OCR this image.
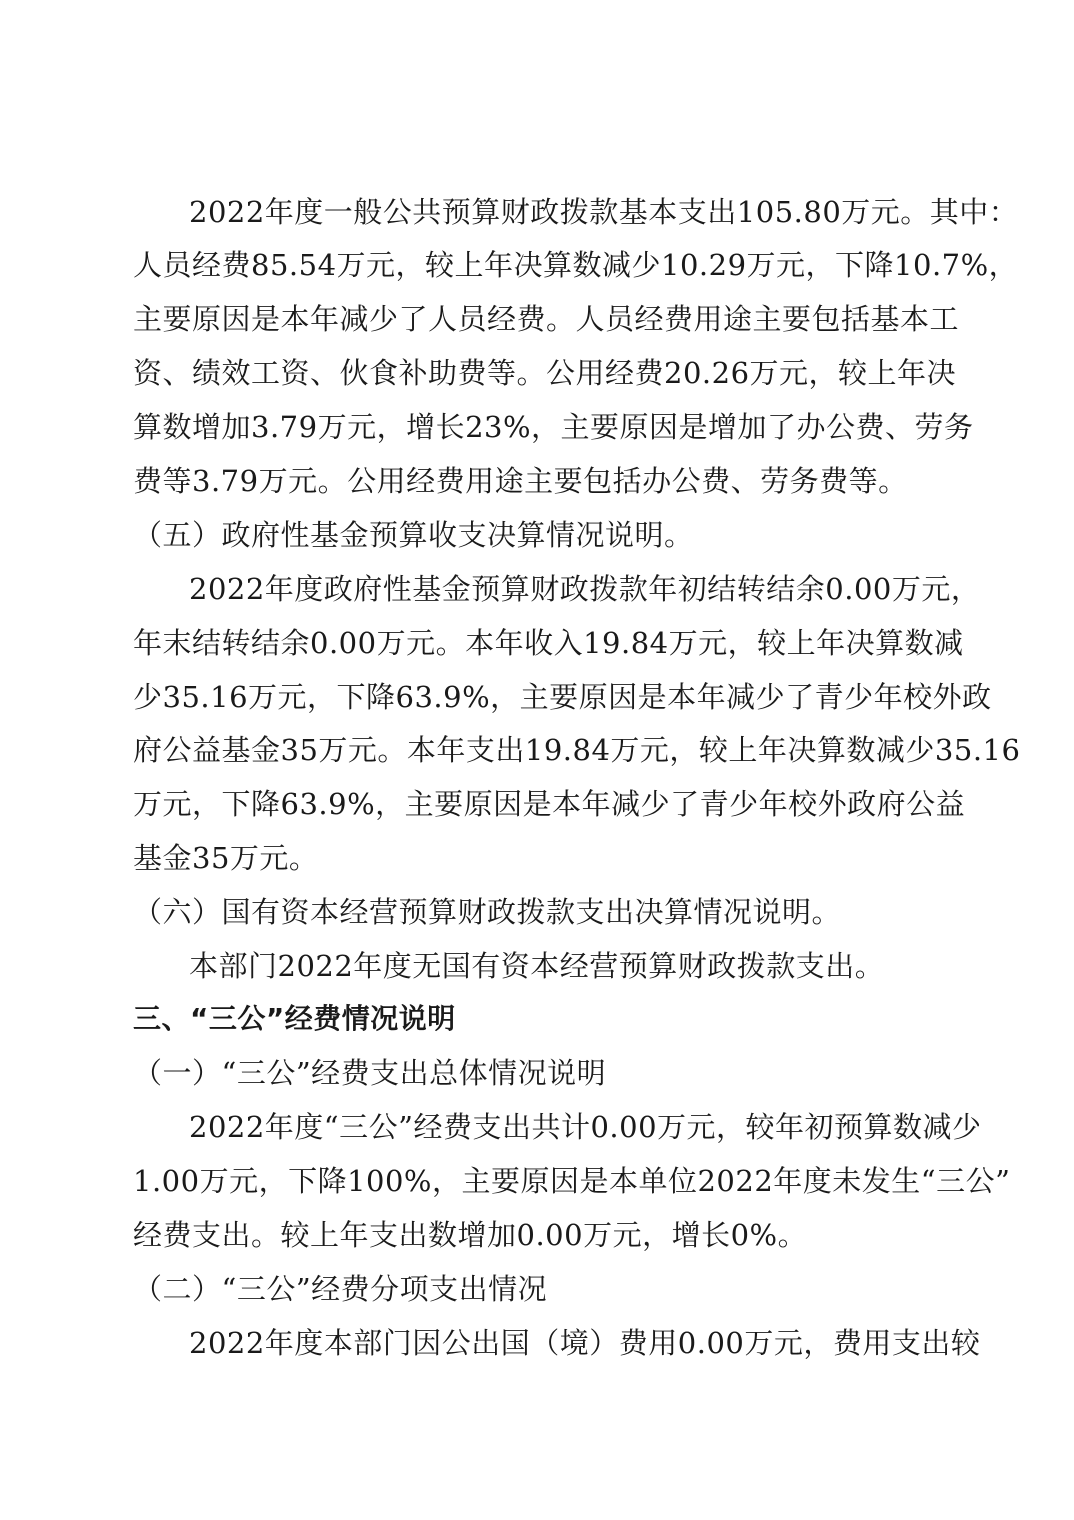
2022年度一般公共预算财政拨款基本支出105.80万元。其中：
人员经费85.54万元，较上年决算数减少10.29万元，下降10.7%，
主要原因是本年减少了人员经费。人员经费用途主要包括基本工
资、绩效工资、伙食补助费等。公用经费20.26万元，较上年决
算数增加3.79万元，增长23%，主要原因是增加了办公费、劳务
费等3.79万元。公用经费用途主要包括办公费、劳务费等。
（五）政府性基金预算收支决算情况说明。
2022年度政府性基金预算财政拨款年初结转结余0.00万元，
年末结转结余0.00万元。本年收入19.84万元，较上年决算数减
少35.16万元，下降63.9%，主要原因是本年减少了青少年校外政
府公益基金35万元。本年支出19.84万元，较上年决算数减少35.16
万元，下降63.9%，主要原因是本年减少了青少年校外政府公益
基金35万元。
（六）国有资本经营预算财政拨款支出决算情况说明。
本部门2022年度无国有资本经营预算财政拨款支出。
三、“三公”经费情况说明
（一）“三公”经费支出总体情况说明
2022年度“三公”经费支出共计0.00万元，较年初预算数减少
1.00万元，下降100%，主要原因是本单位2022年度未发生“三公”
经费支出。较上年支出数增加0.00万元，增长0%。
（二）“三公”经费分项支出情况
2022年度本部门因公出国（境）费用0.00万元，费用支出较
